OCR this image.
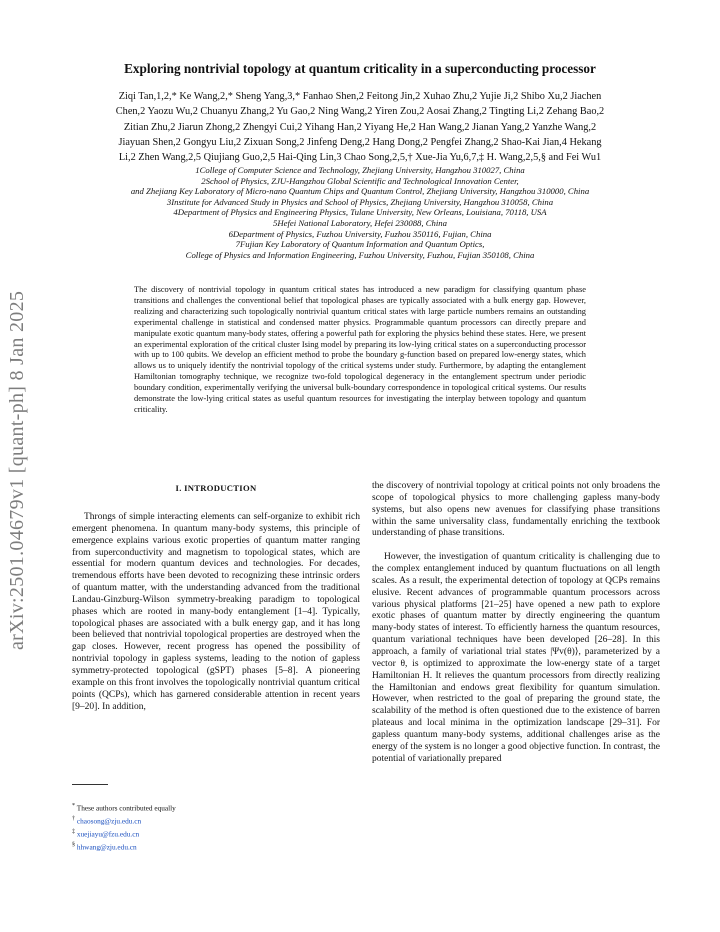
arXiv:2501.04679v1 [quant-ph] 8 Jan 2025
Exploring nontrivial topology at quantum criticality in a superconducting processor
Ziqi Tan,1,2,* Ke Wang,2,* Sheng Yang,3,* Fanhao Shen,2 Feitong Jin,2 Xuhao Zhu,2 Yujie Ji,2 Shibo Xu,2 Jiachen
Chen,2 Yaozu Wu,2 Chuanyu Zhang,2 Yu Gao,2 Ning Wang,2 Yiren Zou,2 Aosai Zhang,2 Tingting Li,2 Zehang Bao,2
Zitian Zhu,2 Jiarun Zhong,2 Zhengyi Cui,2 Yihang Han,2 Yiyang He,2 Han Wang,2 Jianan Yang,2 Yanzhe Wang,2
Jiayuan Shen,2 Gongyu Liu,2 Zixuan Song,2 Jinfeng Deng,2 Hang Dong,2 Pengfei Zhang,2 Shao-Kai Jian,4 Hekang
Li,2 Zhen Wang,2,5 Qiujiang Guo,2,5 Hai-Qing Lin,3 Chao Song,2,5,† Xue-Jia Yu,6,7,‡ H. Wang,2,5,§ and Fei Wu1
1College of Computer Science and Technology, Zhejiang University, Hangzhou 310027, China
2School of Physics, ZJU-Hangzhou Global Scientific and Technological Innovation Center,
and Zhejiang Key Laboratory of Micro-nano Quantum Chips and Quantum Control, Zhejiang University, Hangzhou 310000, China
3Institute for Advanced Study in Physics and School of Physics, Zhejiang University, Hangzhou 310058, China
4Department of Physics and Engineering Physics, Tulane University, New Orleans, Louisiana, 70118, USA
5Hefei National Laboratory, Hefei 230088, China
6Department of Physics, Fuzhou University, Fuzhou 350116, Fujian, China
7Fujian Key Laboratory of Quantum Information and Quantum Optics,
College of Physics and Information Engineering, Fuzhou University, Fuzhou, Fujian 350108, China
The discovery of nontrivial topology in quantum critical states has introduced a new paradigm for classifying quantum phase transitions and challenges the conventional belief that topological phases are typically associated with a bulk energy gap. However, realizing and characterizing such topologically nontrivial quantum critical states with large particle numbers remains an outstanding experimental challenge in statistical and condensed matter physics. Programmable quantum processors can directly prepare and manipulate exotic quantum many-body states, offering a powerful path for exploring the physics behind these states. Here, we present an experimental exploration of the critical cluster Ising model by preparing its low-lying critical states on a superconducting processor with up to 100 qubits. We develop an efficient method to probe the boundary g-function based on prepared low-energy states, which allows us to uniquely identify the nontrivial topology of the critical systems under study. Furthermore, by adapting the entanglement Hamiltonian tomography technique, we recognize two-fold topological degeneracy in the entanglement spectrum under periodic boundary condition, experimentally verifying the universal bulk-boundary correspondence in topological critical systems. Our results demonstrate the low-lying critical states as useful quantum resources for investigating the interplay between topology and quantum criticality.
I. INTRODUCTION

Throngs of simple interacting elements can self-organize to exhibit rich emergent phenomena. In quantum many-body systems, this principle of emergence explains various exotic properties of quantum matter ranging from superconductivity and magnetism to topological states, which are essential for modern quantum devices and technologies. For decades, tremendous efforts have been devoted to recognizing these intrinsic orders of quantum matter, with the understanding advanced from the traditional Landau-Ginzburg-Wilson symmetry-breaking paradigm to topological phases which are rooted in many-body entanglement [1–4]. Typically, topological phases are associated with a bulk energy gap, and it has long been believed that nontrivial topological properties are destroyed when the gap closes. However, recent progress has opened the possibility of nontrivial topology in gapless systems, leading to the notion of gapless symmetry-protected topological (gSPT) phases [5–8]. A pioneering example on this front involves the topologically nontrivial quantum critical points (QCPs), which has garnered considerable attention in recent years [9–20]. In addition,

the discovery of nontrivial topology at critical points not only broadens the scope of topological physics to more challenging gapless many-body systems, but also opens new avenues for classifying phase transitions within the same universality class, fundamentally enriching the textbook understanding of phase transitions.

However, the investigation of quantum criticality is challenging due to the complex entanglement induced by quantum fluctuations on all length scales. As a result, the experimental detection of topology at QCPs remains elusive. Recent advances of programmable quantum processors across various physical platforms [21–25] have opened a new path to explore exotic phases of quantum matter by directly engineering the quantum many-body states of interest. To efficiently harness the quantum resources, quantum variational techniques have been developed [26–28]. In this approach, a family of variational trial states |Ψv(θ)⟩, parameterized by a vector θ, is optimized to approximate the low-energy state of a target Hamiltonian H. It relieves the quantum processors from directly realizing the Hamiltonian and endows great flexibility for quantum simulation. However, when restricted to the goal of preparing the ground state, the scalability of the method is often questioned due to the existence of barren plateaus and local minima in the optimization landscape [29–31]. For gapless quantum many-body systems, additional challenges arise as the energy of the system is no longer a good objective function. In contrast, the potential of variationally prepared

* These authors contributed equally
† chaosong@zju.edu.cn
‡ xuejiayu@fzu.edu.cn
§ hhwang@zju.edu.cn
